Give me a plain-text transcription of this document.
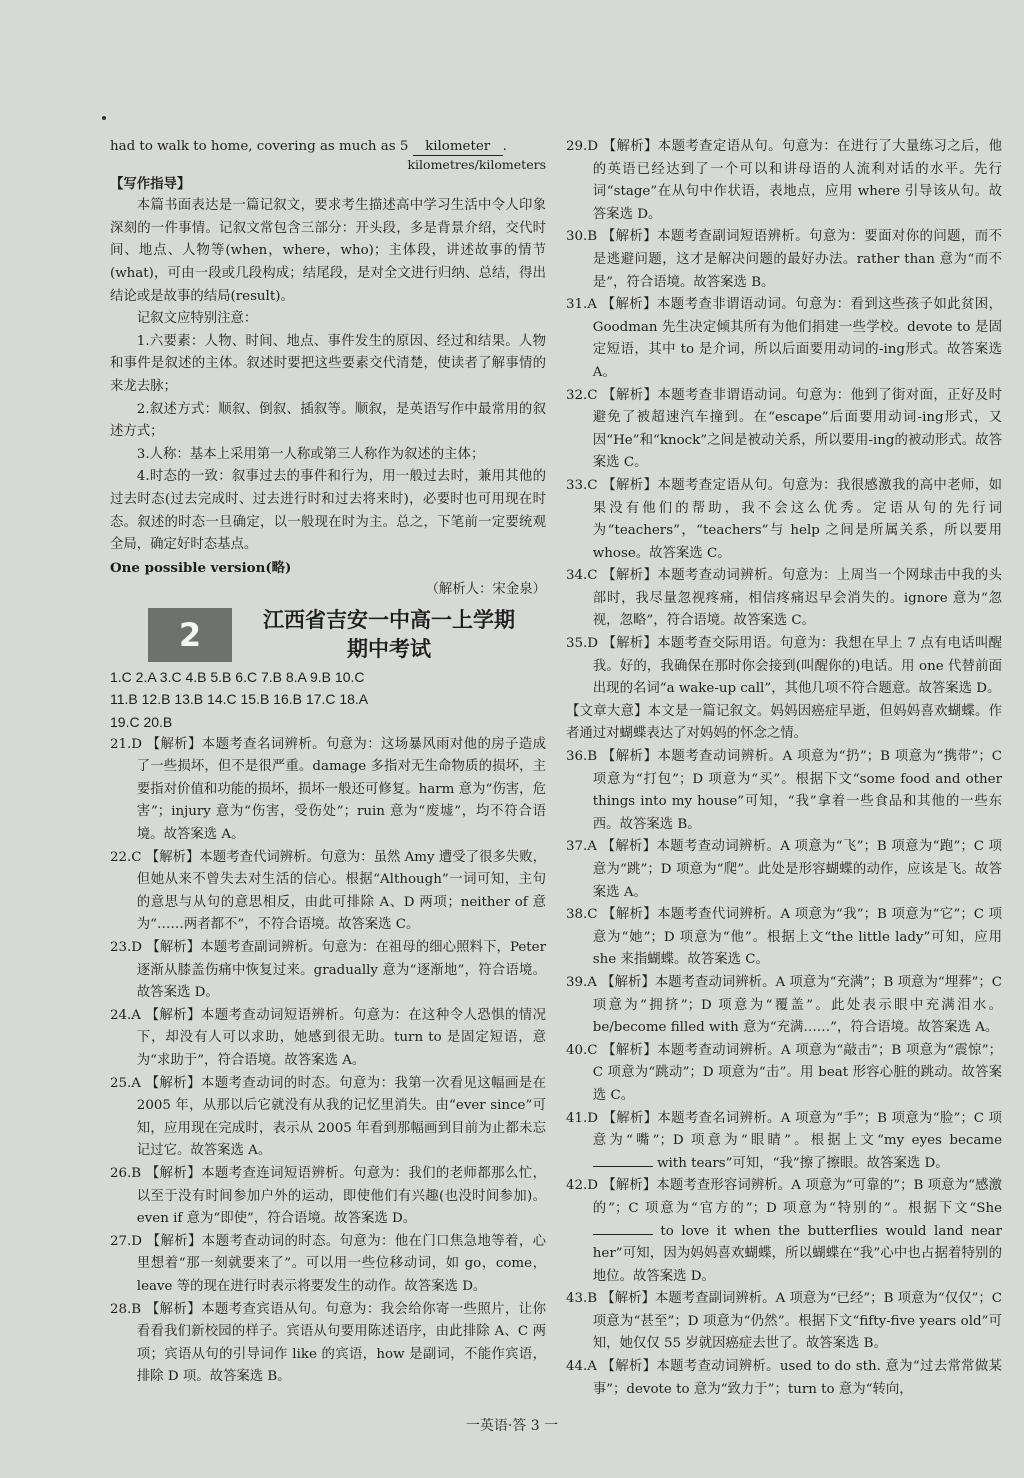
had to walk to home, covering as much as 5 kilometer .
kilometres/kilometers

【写作指导】

本篇书面表达是一篇记叙文，要求考生描述高中学习生活中令人印象深刻的一件事情。记叙文常包含三部分：开头段，多是背景介绍，交代时间、地点、人物等(when，where，who)；主体段，讲述故事的情节(what)，可由一段或几段构成；结尾段，是对全文进行归纳、总结，得出结论或是故事的结局(result)。

记叙文应特别注意：

1.六要素：人物、时间、地点、事件发生的原因、经过和结果。人物和事件是叙述的主体。叙述时要把这些要素交代清楚，使读者了解事情的来龙去脉；

2.叙述方式：顺叙、倒叙、插叙等。顺叙，是英语写作中最常用的叙述方式；

3.人称：基本上采用第一人称或第三人称作为叙述的主体；

4.时态的一致：叙事过去的事件和行为，用一般过去时，兼用其他的过去时态(过去完成时、过去进行时和过去将来时)，必要时也可用现在时态。叙述的时态一旦确定，以一般现在时为主。总之，下笔前一定要统观全局，确定好时态基点。

One possible version(略)

（解析人：宋金泉）

2	江西省吉安一中高一上学期
期中考试

1.C 2.A 3.C 4.B 5.B 6.C 7.B 8.A 9.B 10.C

11.B 12.B 13.B 14.C 15.B 16.B 17.C 18.A

19.C 20.B

21.D 【解析】本题考查名词辨析。句意为：这场暴风雨对他的房子造成了一些损坏，但不是很严重。damage 多指对无生命物质的损坏，主要指对价值和功能的损坏，损坏一般还可修复。harm 意为“伤害，危害”；injury 意为“伤害，受伤处”；ruin 意为“废墟”，均不符合语境。故答案选 A。

22.C 【解析】本题考查代词辨析。句意为：虽然 Amy 遭受了很多失败，但她从来不曾失去对生活的信心。根据“Although”一词可知，主句的意思与从句的意思相反，由此可排除 A、D 两项；neither of 意为“……两者都不”，不符合语境。故答案选 C。

23.D 【解析】本题考查副词辨析。句意为：在祖母的细心照料下，Peter 逐渐从膝盖伤痛中恢复过来。gradually 意为“逐渐地”，符合语境。故答案选 D。

24.A 【解析】本题考查动词短语辨析。句意为：在这种令人恐惧的情况下，却没有人可以求助，她感到很无助。turn to 是固定短语，意为“求助于”，符合语境。故答案选 A。

25.A 【解析】本题考查动词的时态。句意为：我第一次看见这幅画是在 2005 年，从那以后它就没有从我的记忆里消失。由“ever since”可知，应用现在完成时，表示从 2005 年看到那幅画到目前为止都未忘记过它。故答案选 A。

26.B 【解析】本题考查连词短语辨析。句意为：我们的老师都那么忙，以至于没有时间参加户外的运动，即使他们有兴趣(也没时间参加)。even if 意为“即使”，符合语境。故答案选 D。

27.D 【解析】本题考查动词的时态。句意为：他在门口焦急地等着，心里想着“那一刻就要来了”。可以用一些位移动词，如 go，come，leave 等的现在进行时表示将要发生的动作。故答案选 D。

28.B 【解析】本题考查宾语从句。句意为：我会给你寄一些照片，让你看看我们新校园的样子。宾语从句要用陈述语序，由此排除 A、C 两项；宾语从句的引导词作 like 的宾语，how 是副词，不能作宾语，排除 D 项。故答案选 B。

29.D 【解析】本题考查定语从句。句意为：在进行了大量练习之后，他的英语已经达到了一个可以和讲母语的人流利对话的水平。先行词“stage”在从句中作状语，表地点，应用 where 引导该从句。故答案选 D。

30.B 【解析】本题考查副词短语辨析。句意为：要面对你的问题，而不是逃避问题，这才是解决问题的最好办法。rather than 意为“而不是”，符合语境。故答案选 B。

31.A 【解析】本题考查非谓语动词。句意为：看到这些孩子如此贫困，Goodman 先生决定倾其所有为他们捐建一些学校。devote to 是固定短语，其中 to 是介词，所以后面要用动词的-ing形式。故答案选 A。

32.C 【解析】本题考查非谓语动词。句意为：他到了街对面，正好及时避免了被超速汽车撞到。在“escape”后面要用动词-ing形式，又因“He”和“knock”之间是被动关系，所以要用-ing的被动形式。故答案选 C。

33.C 【解析】本题考查定语从句。句意为：我很感激我的高中老师，如果没有他们的帮助，我不会这么优秀。定语从句的先行词为“teachers”，“teachers”与 help 之间是所属关系，所以要用 whose。故答案选 C。

34.C 【解析】本题考查动词辨析。句意为：上周当一个网球击中我的头部时，我尽量忽视疼痛，相信疼痛迟早会消失的。ignore 意为“忽视，忽略”，符合语境。故答案选 C。

35.D 【解析】本题考查交际用语。句意为：我想在早上 7 点有电话叫醒我。好的，我确保在那时你会接到(叫醒你的)电话。用 one 代替前面出现的名词“a wake-up call”，其他几项不符合题意。故答案选 D。

【文章大意】本文是一篇记叙文。妈妈因癌症早逝，但妈妈喜欢蝴蝶。作者通过对蝴蝶表达了对妈妈的怀念之情。

36.B 【解析】本题考查动词辨析。A 项意为“扔”；B 项意为“携带”；C 项意为“打包”；D 项意为“买”。根据下文“some food and other things into my house”可知，“我”拿着一些食品和其他的一些东西。故答案选 B。

37.A 【解析】本题考查动词辨析。A 项意为“飞”；B 项意为“跑”；C 项意为“跳”；D 项意为“爬”。此处是形容蝴蝶的动作，应该是飞。故答案选 A。

38.C 【解析】本题考查代词辨析。A 项意为“我”；B 项意为“它”；C 项意为“她”；D 项意为“他”。根据上文“the little lady”可知，应用 she 来指蝴蝶。故答案选 C。

39.A 【解析】本题考查动词辨析。A 项意为“充满”；B 项意为“埋葬”；C 项意为“拥挤”；D 项意为“覆盖”。此处表示眼中充满泪水。be/become filled with 意为“充满……”，符合语境。故答案选 A。

40.C 【解析】本题考查动词辨析。A 项意为“敲击”；B 项意为“震惊”；C 项意为“跳动”；D 项意为“击”。用 beat 形容心脏的跳动。故答案选 C。

41.D 【解析】本题考查名词辨析。A 项意为“手”；B 项意为“脸”；C 项意为“嘴”；D 项意为“眼睛”。根据上文“my eyes became  with tears”可知，“我”擦了擦眼。故答案选 D。

42.D 【解析】本题考查形容词辨析。A 项意为“可靠的”；B 项意为“感激的”；C 项意为“官方的”；D 项意为“特别的”。根据下文“She  to love it when the butterflies would land near her”可知，因为妈妈喜欢蝴蝶，所以蝴蝶在“我”心中也占据着特别的地位。故答案选 D。

43.B 【解析】本题考查副词辨析。A 项意为“已经”；B 项意为“仅仅”；C 项意为“甚至”；D 项意为“仍然”。根据下文“fifty-five years old”可知，她仅仅 55 岁就因癌症去世了。故答案选 B。

44.A 【解析】本题考查动词辨析。used to do sth. 意为“过去常常做某事”；devote to 意为“致力于”；turn to 意为“转向，

一英语·答 3 一
